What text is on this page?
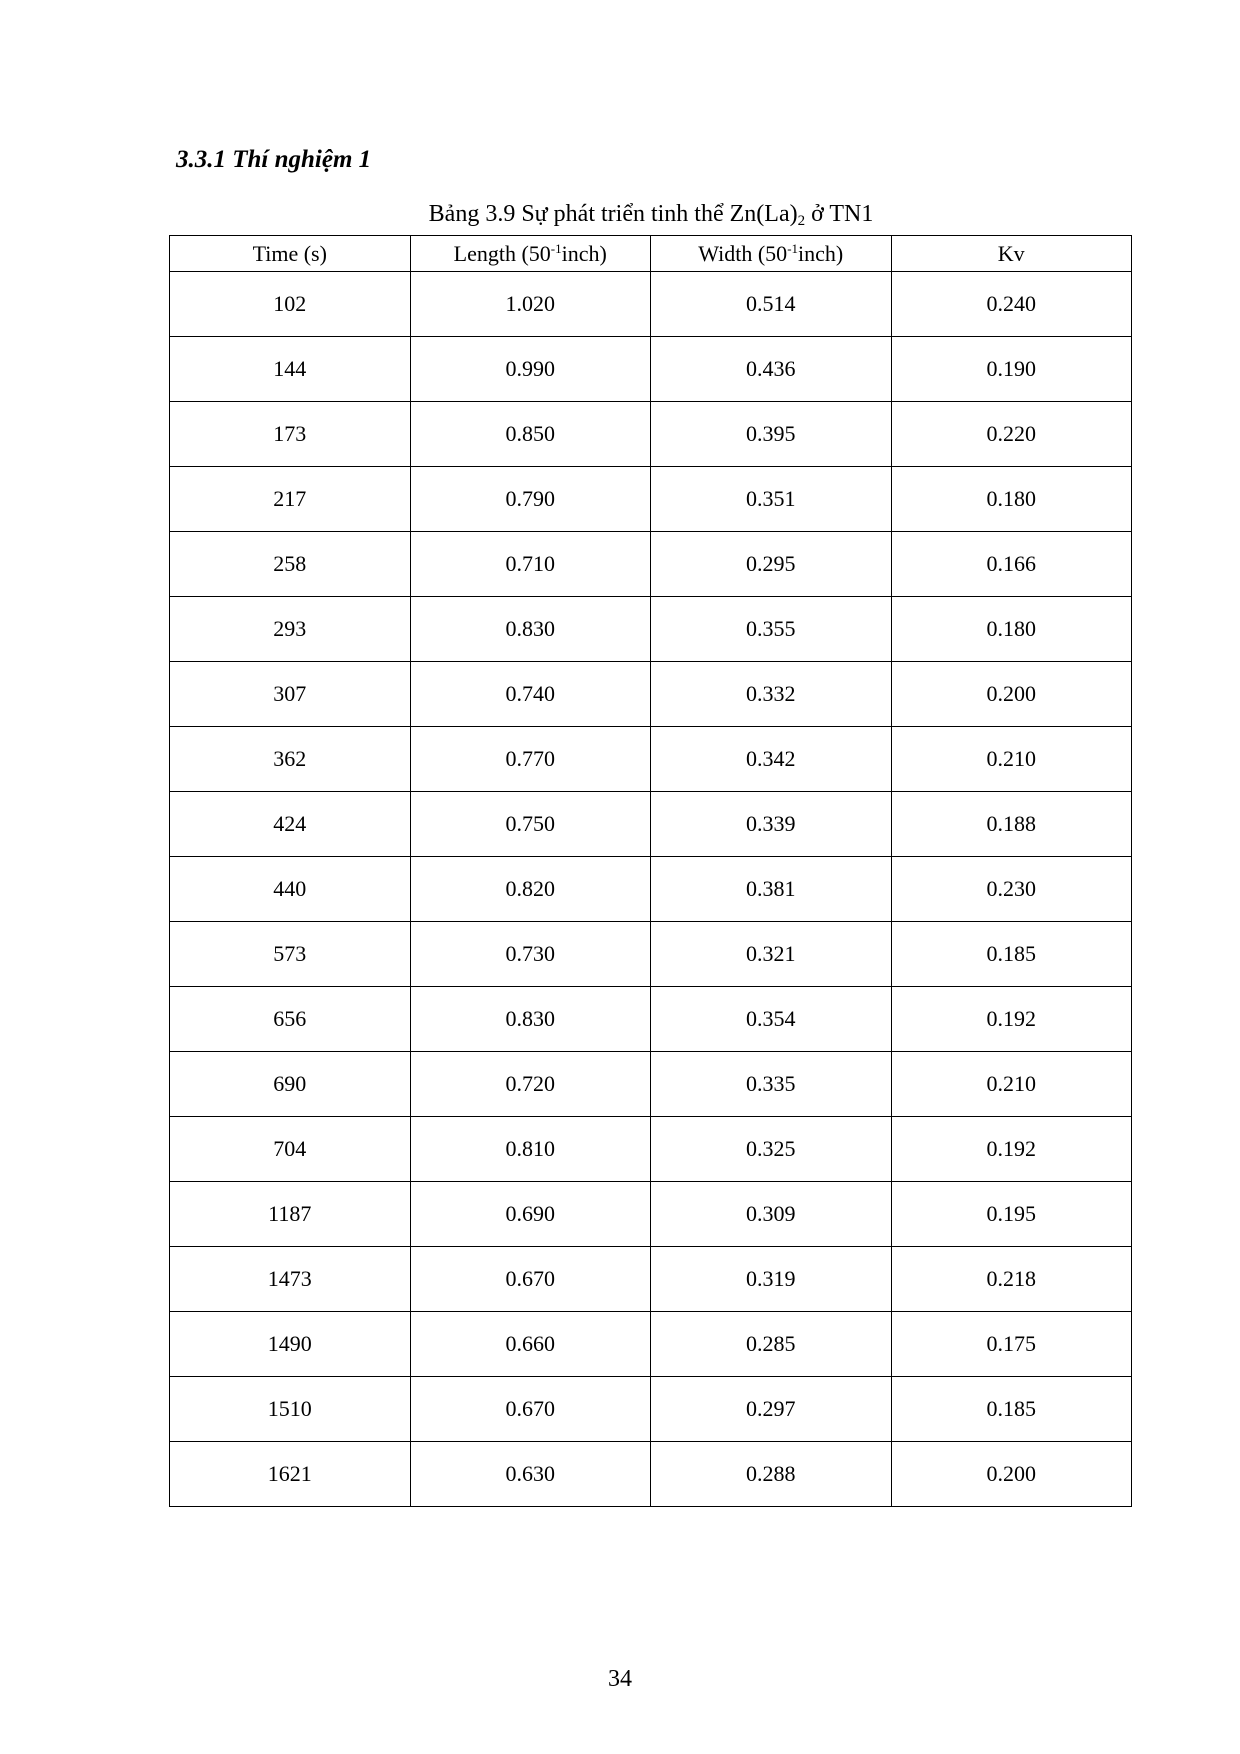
3.3.1 Thí nghiệm 1
Bảng 3.9 Sự phát triển tinh thể $Zn(La)_2$ ở TN1
Time (s)	Length $(50^{-1}inch)$	Width $(50^{-1}inch)$	Kv
102	1.020	0.514	0.240
144	0.990	0.436	0.190
173	0.850	0.395	0.220
217	0.790	0.351	0.180
258	0.710	0.295	0.166
293	0.830	0.355	0.180
307	0.740	0.332	0.200
362	0.770	0.342	0.210
424	0.750	0.339	0.188
440	0.820	0.381	0.230
573	0.730	0.321	0.185
656	0.830	0.354	0.192
690	0.720	0.335	0.210
704	0.810	0.325	0.192
1187	0.690	0.309	0.195
1473	0.670	0.319	0.218
1490	0.660	0.285	0.175
1510	0.670	0.297	0.185
1621	0.630	0.288	0.200
34
